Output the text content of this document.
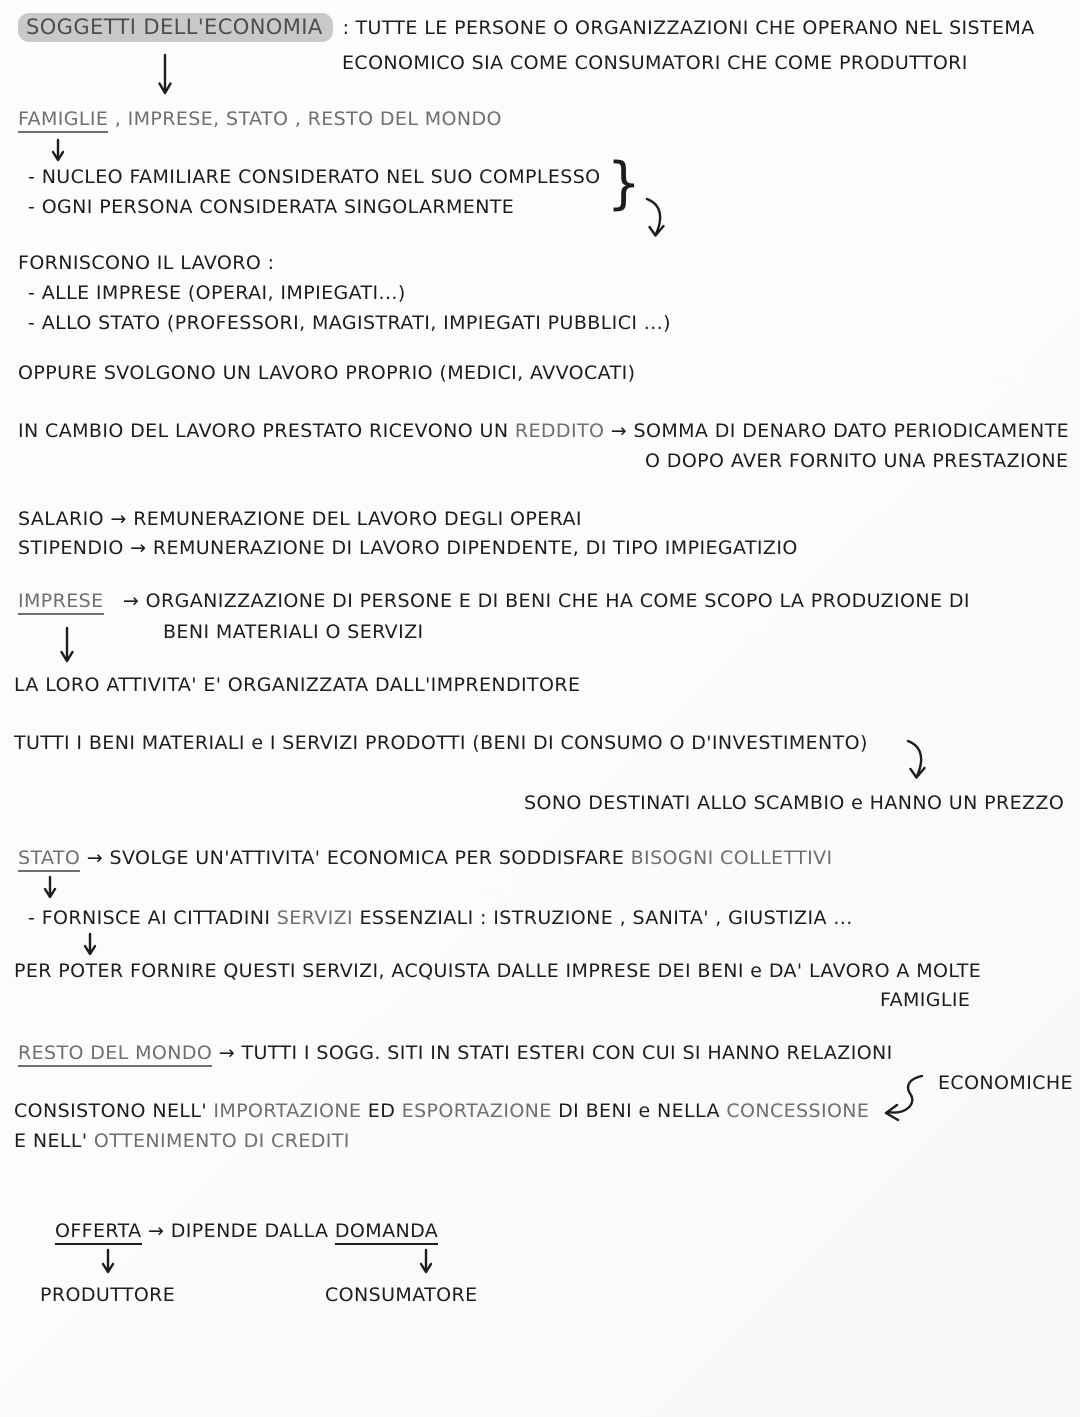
SOGGETTI DELL'ECONOMIA : TUTTE LE PERSONE O ORGANIZZAZIONI CHE OPERANO NEL SISTEMA
ECONOMICO SIA COME CONSUMATORI CHE COME PRODUTTORI
FAMIGLIE , IMPRESE, STATO , RESTO DEL MONDO
- NUCLEO FAMILIARE CONSIDERATO NEL SUO COMPLESSO
- OGNI PERSONA CONSIDERATA SINGOLARMENTE }
FORNISCONO IL LAVORO :
- ALLE IMPRESE (OPERAI, IMPIEGATI...)
- ALLO STATO (PROFESSORI, MAGISTRATI, IMPIEGATI PUBBLICI ...)
OPPURE SVOLGONO UN LAVORO PROPRIO (MEDICI, AVVOCATI)
IN CAMBIO DEL LAVORO PRESTATO RICEVONO UN REDDITO → SOMMA DI DENARO DATO PERIODICAMENTE
O DOPO AVER FORNITO UNA PRESTAZIONE
SALARIO → REMUNERAZIONE DEL LAVORO DEGLI OPERAI
STIPENDIO → REMUNERAZIONE DI LAVORO DIPENDENTE, DI TIPO IMPIEGATIZIO
IMPRESE → ORGANIZZAZIONE DI PERSONE E DI BENI CHE HA COME SCOPO LA PRODUZIONE DI
BENI MATERIALI O SERVIZI
LA LORO ATTIVITA' E' ORGANIZZATA DALL'IMPRENDITORE
TUTTI I BENI MATERIALI e I SERVIZI PRODOTTI (BENI DI CONSUMO O D'INVESTIMENTO)
SONO DESTINATI ALLO SCAMBIO e HANNO UN PREZZO
STATO → SVOLGE UN'ATTIVITA' ECONOMICA PER SODDISFARE BISOGNI COLLETTIVI
- FORNISCE AI CITTADINI SERVIZI ESSENZIALI : ISTRUZIONE , SANITA' , GIUSTIZIA ...
PER POTER FORNIRE QUESTI SERVIZI, ACQUISTA DALLE IMPRESE DEI BENI e DA' LAVORO A MOLTE
FAMIGLIE
RESTO DEL MONDO → TUTTI I SOGG. SITI IN STATI ESTERI CON CUI SI HANNO RELAZIONI
ECONOMICHE
CONSISTONO NELL' IMPORTAZIONE ED ESPORTAZIONE DI BENI e NELLA CONCESSIONE
E NELL' OTTENIMENTO DI CREDITI
OFFERTA → DIPENDE DALLA DOMANDA
PRODUTTORE	CONSUMATORE
